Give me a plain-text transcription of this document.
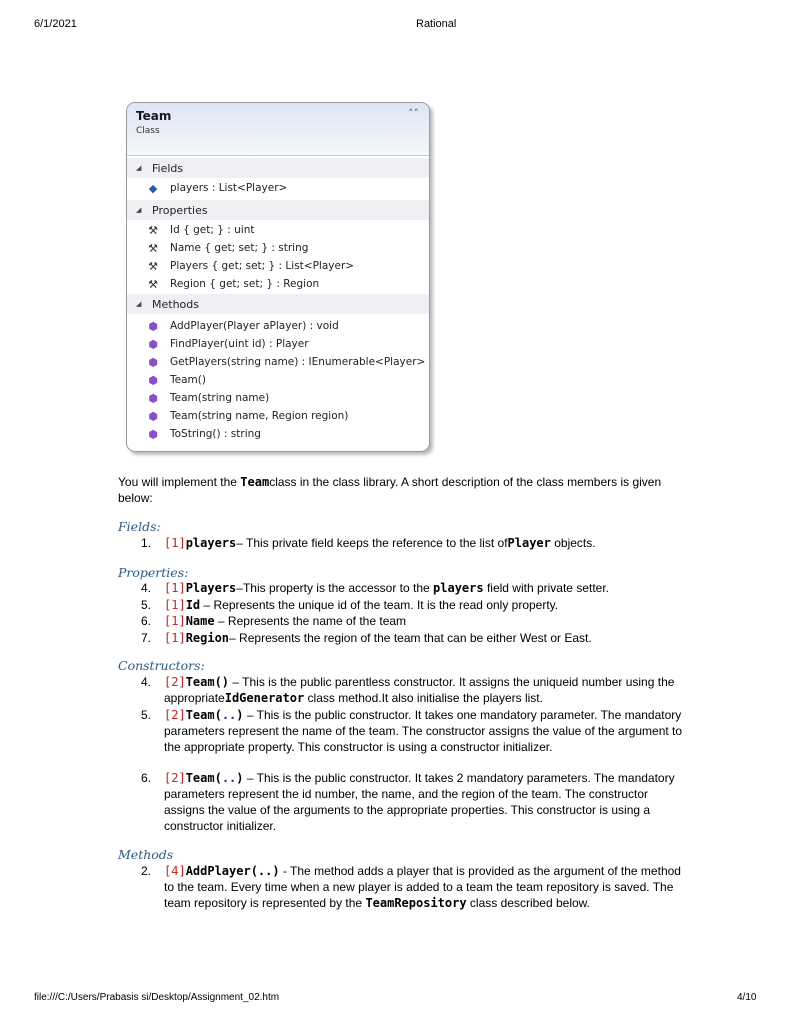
6/1/2021	Rational
Team
Class
˄˄
◢ Fields
◆ players : List<Player>
◢ Properties
⚒ Id { get; } : uint
⚒ Name { get; set; } : string
⚒ Players { get; set; } : List<Player>
⚒ Region { get; set; } : Region
◢ Methods
⬢ AddPlayer(Player aPlayer) : void
⬢ FindPlayer(uint id) : Player
⬢ GetPlayers(string name) : IEnumerable<Player>
⬢ Team()
⬢ Team(string name)
⬢ Team(string name, Region region)
⬢ ToString() : string
You will implement the Teamclass in the class library. A short description of the class members is given below:
Fields:
1. [1]players– This private field keeps the reference to the list ofPlayer objects.
Properties:
4. [1]Players–This property is the accessor to the players field with private setter.
5. [1]Id – Represents the unique id of the team. It is the read only property.
6. [1]Name – Represents the name of the team
7. [1]Region– Represents the region of the team that can be either West or East.
Constructors:
4. [2]Team() – This is the public parentless constructor. It assigns the uniqueid number using the appropriateIdGenerator class method.It also initialise the players list.
5. [2]Team(..) – This is the public constructor. It takes one mandatory parameter. The mandatory parameters represent the name of the team. The constructor assigns the value of the argument to the appropriate property. This constructor is using a constructor initializer.
6. [2]Team(..) – This is the public constructor. It takes 2 mandatory parameters. The mandatory parameters represent the id number, the name, and the region of the team. The constructor assigns the value of the arguments to the appropriate properties. This constructor is using a constructor initializer.
Methods
2. [4]AddPlayer(..) - The method adds a player that is provided as the argument of the method to the team. Every time when a new player is added to a team the team repository is saved. The team repository is represented by the TeamRepository class described below.
file:///C:/Users/Prabasis si/Desktop/Assignment_02.htm	4/10
